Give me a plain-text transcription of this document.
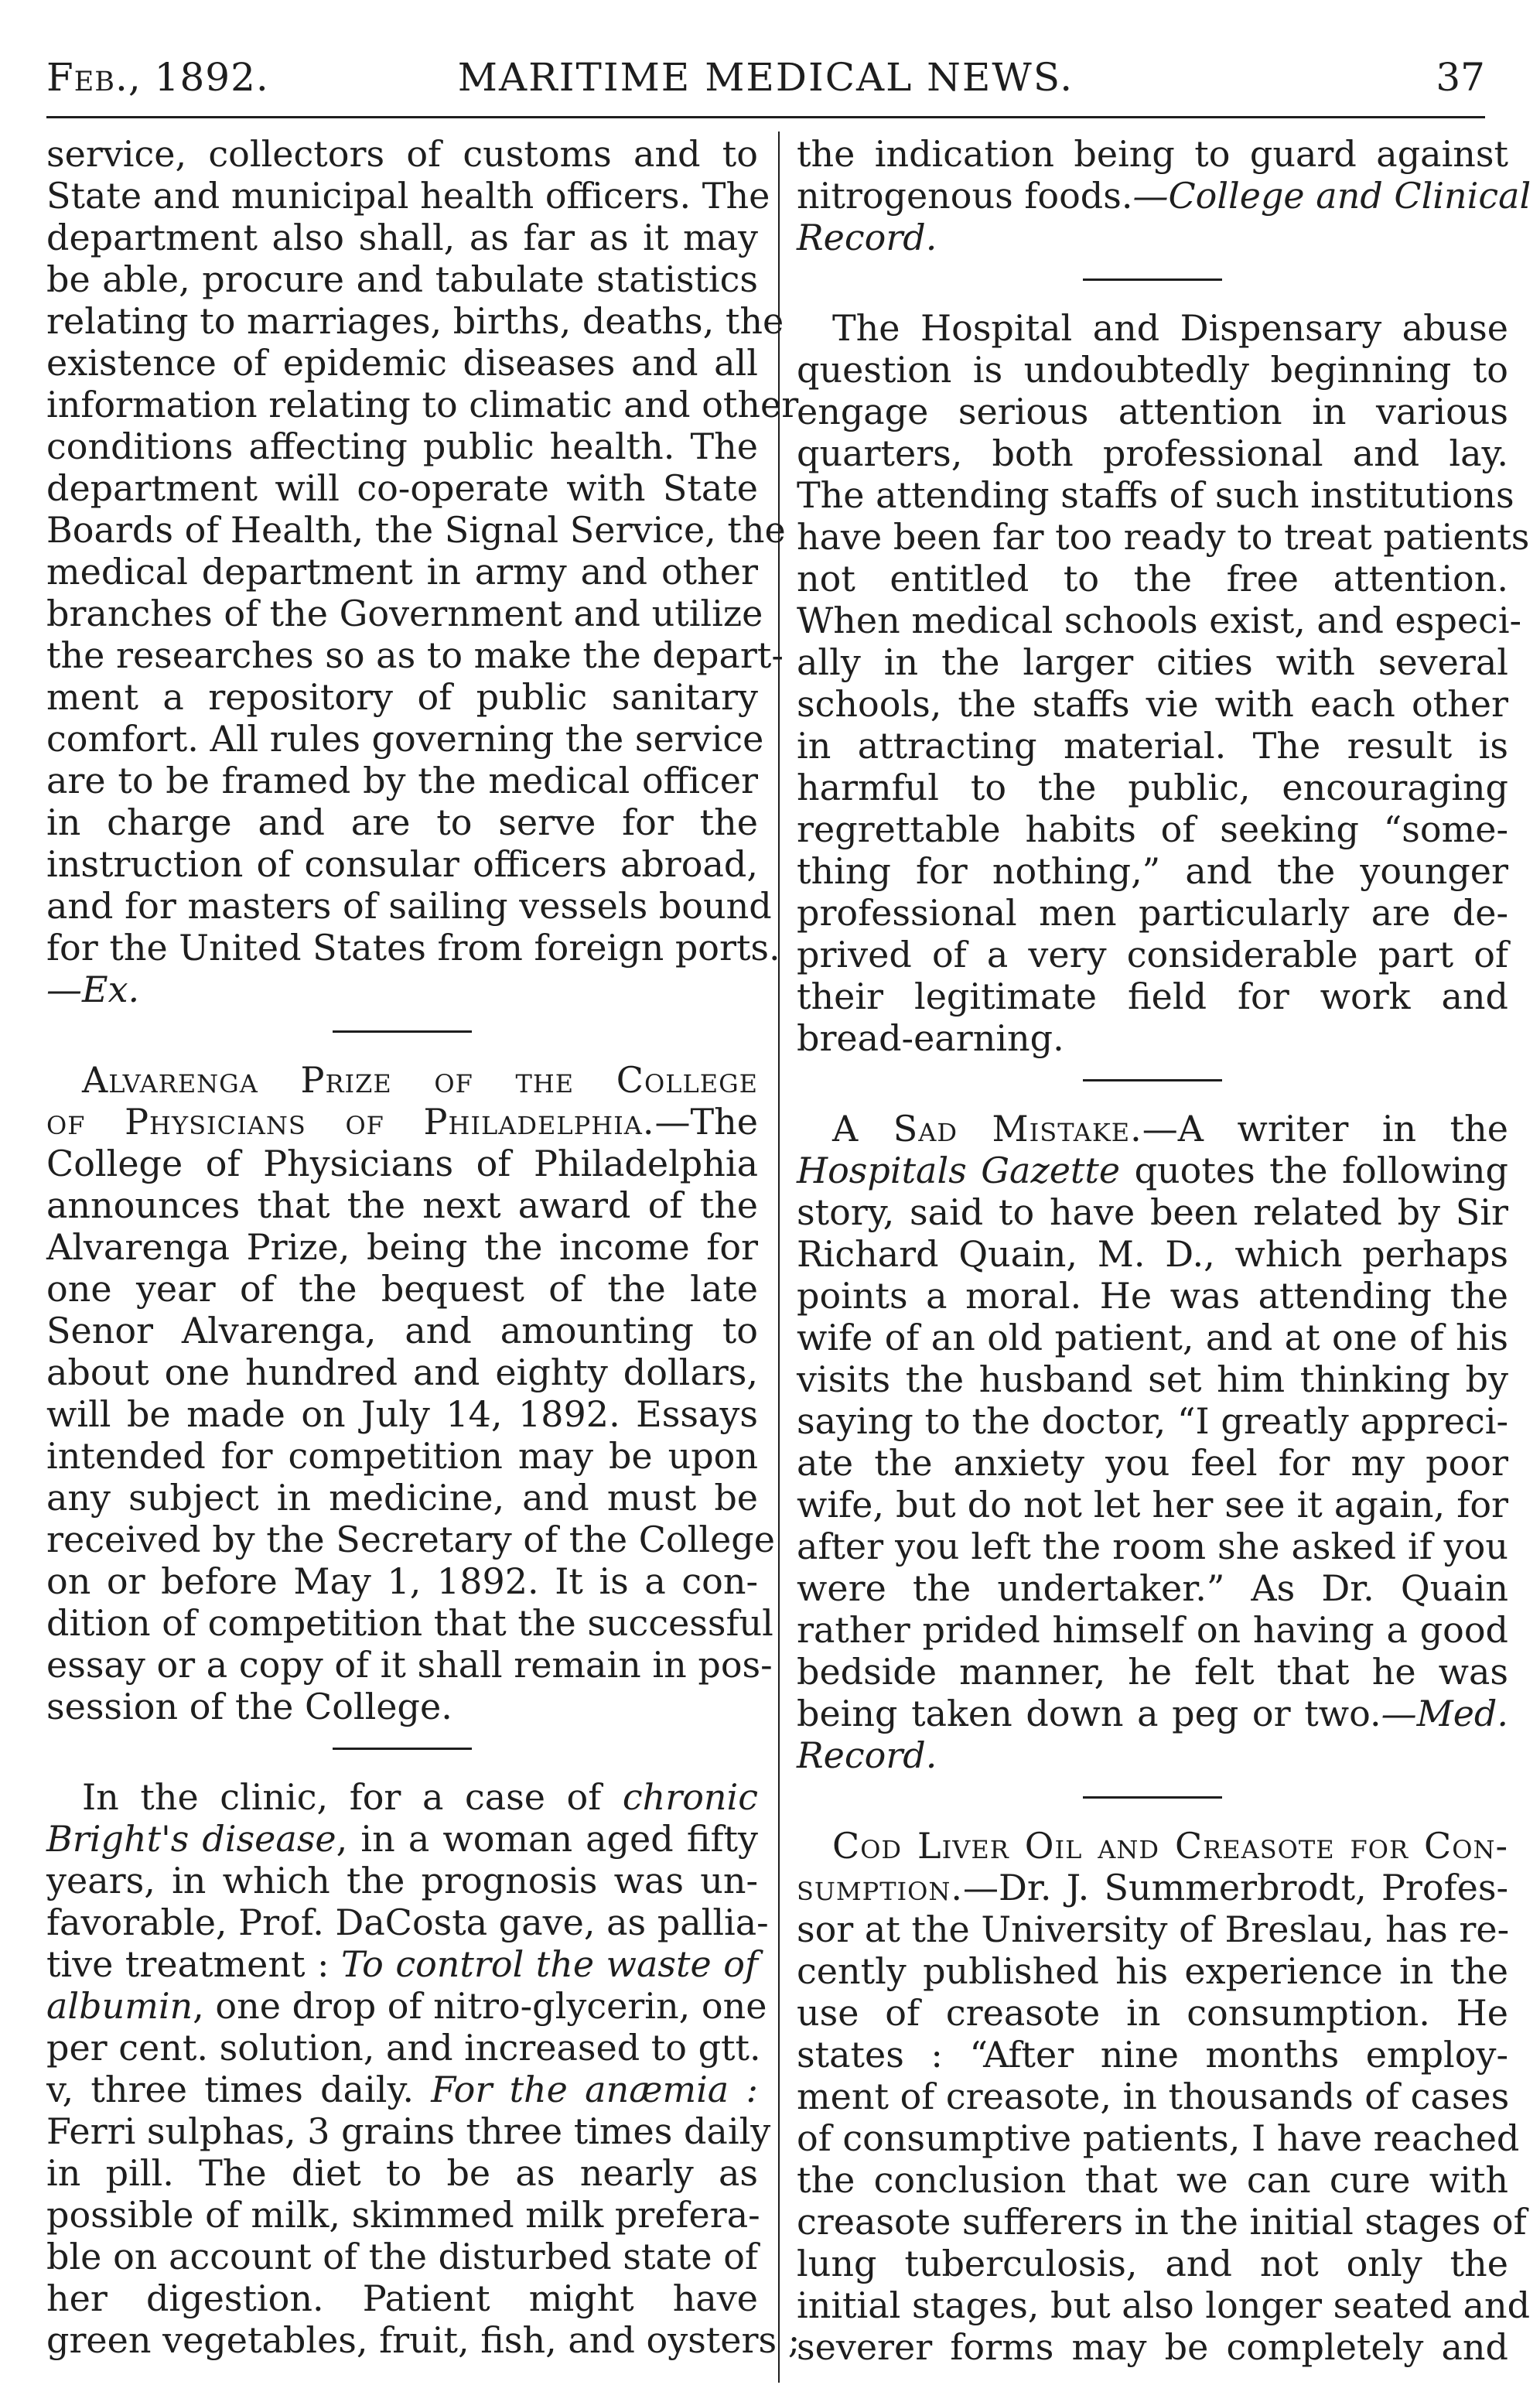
Feb., 1892.	MARITIME MEDICAL NEWS.	37
service, collectors of customs and to
State and municipal health officers. The
department also shall, as far as it may
be able, procure and tabulate statistics
relating to marriages, births, deaths, the
existence of epidemic diseases and all
information relating to climatic and other
conditions affecting public health. The
department will co-operate with State
Boards of Health, the Signal Service, the
medical department in army and other
branches of the Government and utilize
the researches so as to make the depart-
ment a repository of public sanitary
comfort. All rules governing the service
are to be framed by the medical officer
in charge and are to serve for the
instruction of consular officers abroad,
and for masters of sailing vessels bound
for the United States from foreign ports.
—Ex.
Alvarenga Prize of the College
of Physicians of Philadelphia.—The
College of Physicians of Philadelphia
announces that the next award of the
Alvarenga Prize, being the income for
one year of the bequest of the late
Senor Alvarenga, and amounting to
about one hundred and eighty dollars,
will be made on July 14, 1892. Essays
intended for competition may be upon
any subject in medicine, and must be
received by the Secretary of the College
on or before May 1, 1892. It is a con-
dition of competition that the successful
essay or a copy of it shall remain in pos-
session of the College.
In the clinic, for a case of chronic
Bright's disease, in a woman aged fifty
years, in which the prognosis was un-
favorable, Prof. DaCosta gave, as pallia-
tive treatment : To control the waste of
albumin, one drop of nitro-glycerin, one
per cent. solution, and increased to gtt.
v, three times daily. For the anæmia :
Ferri sulphas, 3 grains three times daily
in pill. The diet to be as nearly as
possible of milk, skimmed milk prefera-
ble on account of the disturbed state of
her digestion. Patient might have
green vegetables, fruit, fish, and oysters ;
the indication being to guard against
nitrogenous foods.—College and Clinical
Record.
The Hospital and Dispensary abuse
question is undoubtedly beginning to
engage serious attention in various
quarters, both professional and lay.
The attending staffs of such institutions
have been far too ready to treat patients
not entitled to the free attention.
When medical schools exist, and especi-
ally in the larger cities with several
schools, the staffs vie with each other
in attracting material. The result is
harmful to the public, encouraging
regrettable habits of seeking “some-
thing for nothing,” and the younger
professional men particularly are de-
prived of a very considerable part of
their legitimate field for work and
bread-earning.
A Sad Mistake.—A writer in the
Hospitals Gazette quotes the following
story, said to have been related by Sir
Richard Quain, M. D., which perhaps
points a moral. He was attending the
wife of an old patient, and at one of his
visits the husband set him thinking by
saying to the doctor, “I greatly appreci-
ate the anxiety you feel for my poor
wife, but do not let her see it again, for
after you left the room she asked if you
were the undertaker.” As Dr. Quain
rather prided himself on having a good
bedside manner, he felt that he was
being taken down a peg or two.—Med.
Record.
Cod Liver Oil and Creasote for Con-
sumption.—Dr. J. Summerbrodt, Profes-
sor at the University of Breslau, has re-
cently published his experience in the
use of creasote in consumption. He
states : “After nine months employ-
ment of creasote, in thousands of cases
of consumptive patients, I have reached
the conclusion that we can cure with
creasote sufferers in the initial stages of
lung tuberculosis, and not only the
initial stages, but also longer seated and
severer forms may be completely and
